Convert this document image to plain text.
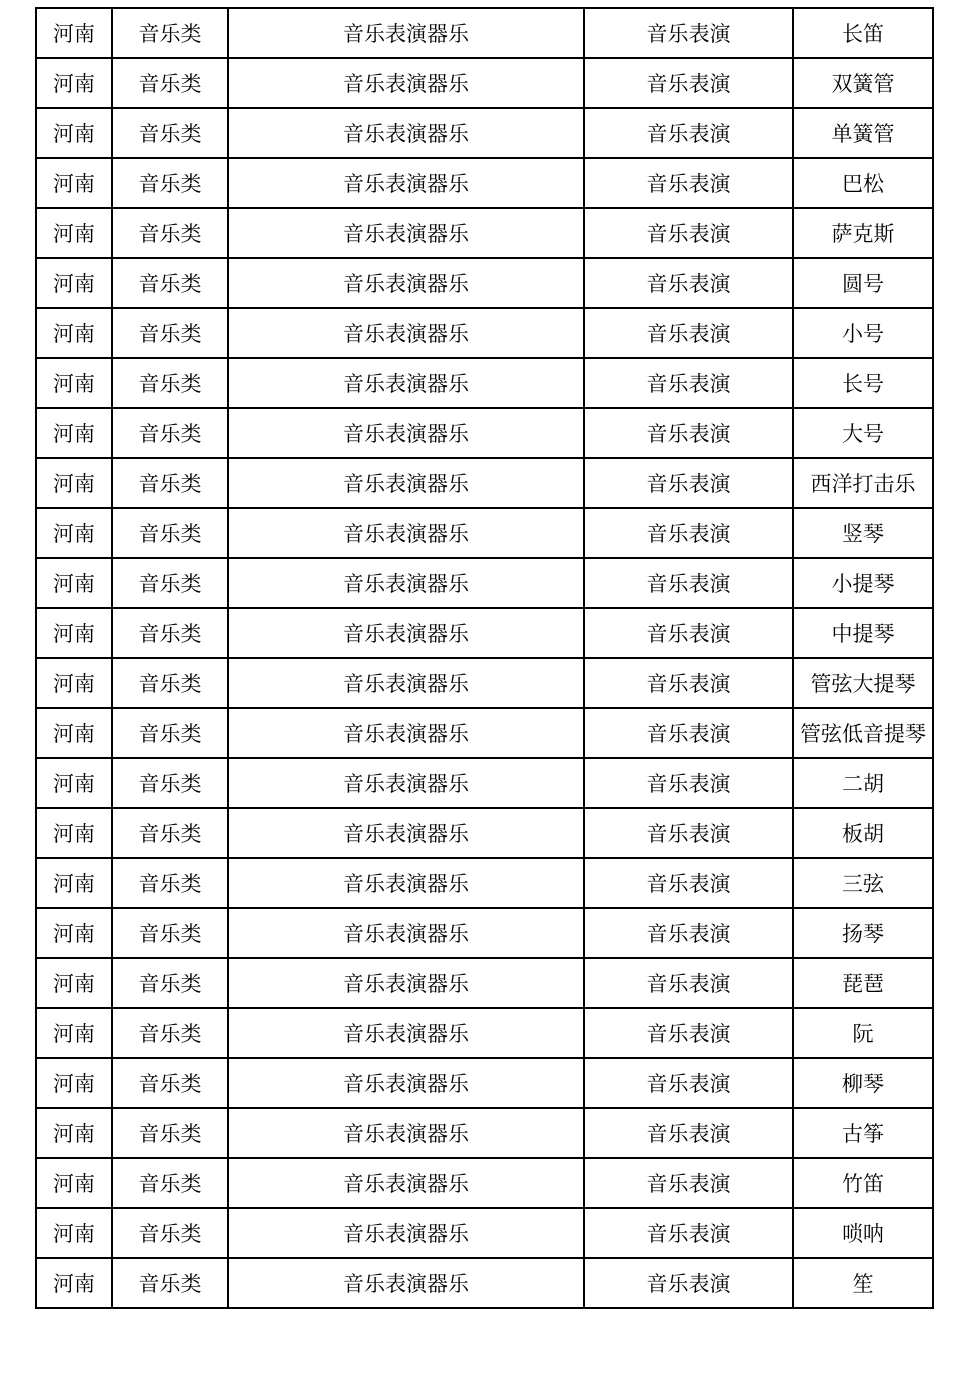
河南	音乐类	音乐表演器乐	音乐表演	长笛
河南	音乐类	音乐表演器乐	音乐表演	双簧管
河南	音乐类	音乐表演器乐	音乐表演	单簧管
河南	音乐类	音乐表演器乐	音乐表演	巴松
河南	音乐类	音乐表演器乐	音乐表演	萨克斯
河南	音乐类	音乐表演器乐	音乐表演	圆号
河南	音乐类	音乐表演器乐	音乐表演	小号
河南	音乐类	音乐表演器乐	音乐表演	长号
河南	音乐类	音乐表演器乐	音乐表演	大号
河南	音乐类	音乐表演器乐	音乐表演	西洋打击乐
河南	音乐类	音乐表演器乐	音乐表演	竖琴
河南	音乐类	音乐表演器乐	音乐表演	小提琴
河南	音乐类	音乐表演器乐	音乐表演	中提琴
河南	音乐类	音乐表演器乐	音乐表演	管弦大提琴
河南	音乐类	音乐表演器乐	音乐表演	管弦低音提琴
河南	音乐类	音乐表演器乐	音乐表演	二胡
河南	音乐类	音乐表演器乐	音乐表演	板胡
河南	音乐类	音乐表演器乐	音乐表演	三弦
河南	音乐类	音乐表演器乐	音乐表演	扬琴
河南	音乐类	音乐表演器乐	音乐表演	琵琶
河南	音乐类	音乐表演器乐	音乐表演	阮
河南	音乐类	音乐表演器乐	音乐表演	柳琴
河南	音乐类	音乐表演器乐	音乐表演	古筝
河南	音乐类	音乐表演器乐	音乐表演	竹笛
河南	音乐类	音乐表演器乐	音乐表演	唢呐
河南	音乐类	音乐表演器乐	音乐表演	笙
